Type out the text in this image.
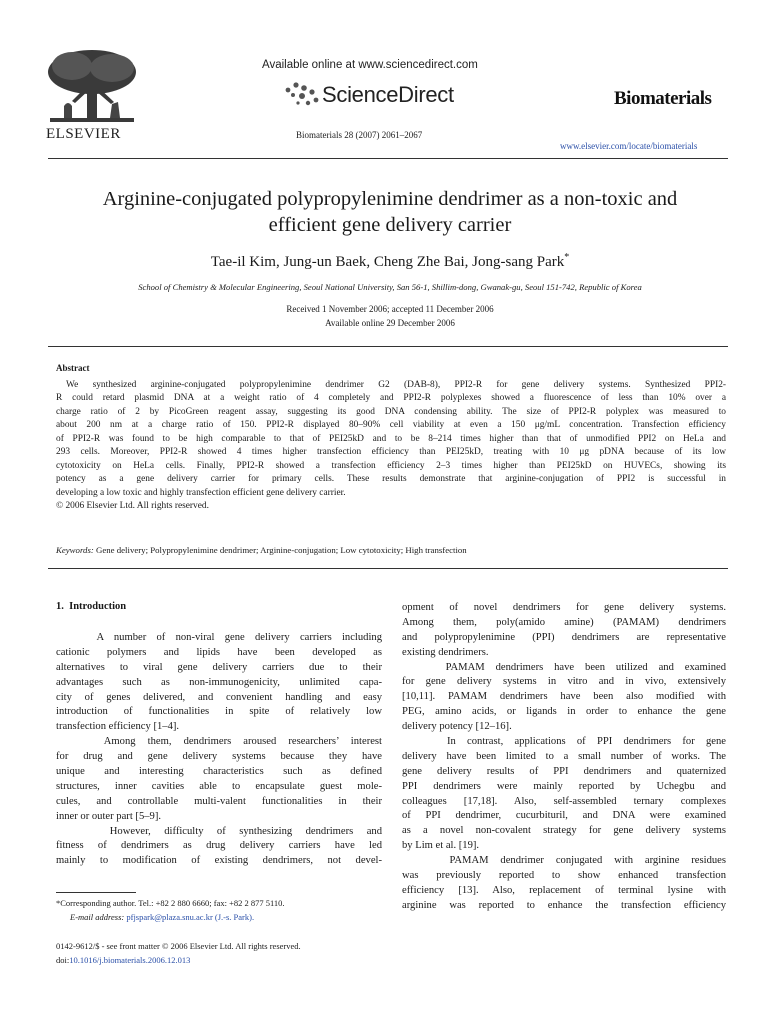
ELSEVIER
Available online at www.sciencedirect.com
ScienceDirect
Biomaterials 28 (2007) 2061–2067
Biomaterials
www.elsevier.com/locate/biomaterials
Arginine-conjugated polypropylenimine dendrimer as a non-toxic and
efficient gene delivery carrier
Tae-il Kim, Jung-un Baek, Cheng Zhe Bai, Jong-sang Park*
School of Chemistry & Molecular Engineering, Seoul National University, San 56-1, Shillim-dong, Gwanak-gu, Seoul 151-742, Republic of Korea
Received 1 November 2006; accepted 11 December 2006
Available online 29 December 2006
Abstract
We synthesized arginine-conjugated polypropylenimine dendrimer G2 (DAB-8), PPI2-R for gene delivery systems. Synthesized PPI2-
R could retard plasmid DNA at a weight ratio of 4 completely and PPI2-R polyplexes showed a fluorescence of less than 10% over a
charge ratio of 2 by PicoGreen reagent assay, suggesting its good DNA condensing ability. The size of PPI2-R polyplex was measured to
about 200 nm at a charge ratio of 150. PPI2-R displayed 80–90% cell viability at even a 150 μg/mL concentration. Transfection efficiency
of PPI2-R was found to be high comparable to that of PEI25kD and to be 8–214 times higher than that of unmodified PPI2 on HeLa and
293 cells. Moreover, PPI2-R showed 4 times higher transfection efficiency than PEI25kD, treating with 10 μg pDNA because of its low
cytotoxicity on HeLa cells. Finally, PPI2-R showed a transfection efficiency 2–3 times higher than PEI25kD on HUVECs, showing its
potency as a gene delivery carrier for primary cells. These results demonstrate that arginine-conjugation of PPI2 is successful in
developing a low toxic and highly transfection efficient gene delivery carrier.
© 2006 Elsevier Ltd. All rights reserved.
Keywords: Gene delivery; Polypropylenimine dendrimer; Arginine-conjugation; Low cytotoxicity; High transfection
1.  Introduction
A number of non-viral gene delivery carriers including
cationic polymers and lipids have been developed as
alternatives to viral gene delivery carriers due to their
advantages such as non-immunogenicity, unlimited capa-
city of genes delivered, and convenient handling and easy
introduction of functionalities in spite of relatively low
transfection efficiency [1–4].
Among them, dendrimers aroused researchers’ interest
for drug and gene delivery systems because they have
unique and interesting characteristics such as defined
structures, inner cavities able to encapsulate guest mole-
cules, and controllable multi-valent functionalities in their
inner or outer part [5–9].
However, difficulty of synthesizing dendrimers and
fitness of dendrimers as drug delivery carriers have led
mainly to modification of existing dendrimers, not devel-
opment of novel dendrimers for gene delivery systems.
Among them, poly(amido amine) (PAMAM) dendrimers
and polypropylenimine (PPI) dendrimers are representative
existing dendrimers.
PAMAM dendrimers have been utilized and examined
for gene delivery systems in vitro and in vivo, extensively
[10,11]. PAMAM dendrimers have been also modified with
PEG, amino acids, or ligands in order to enhance the gene
delivery potency [12–16].
In contrast, applications of PPI dendrimers for gene
delivery have been limited to a small number of works. The
gene delivery results of PPI dendrimers and quaternized
PPI dendrimers were mainly reported by Uchegbu and
colleagues [17,18]. Also, self-assembled ternary complexes
of PPI dendrimer, cucurbituril, and DNA were examined
as a novel non-covalent strategy for gene delivery systems
by Lim et al. [19].
PAMAM dendrimer conjugated with arginine residues
was previously reported to show enhanced transfection
efficiency [13]. Also, replacement of terminal lysine with
arginine was reported to enhance the transfection efficiency
*Corresponding author. Tel.: +82 2 880 6660; fax: +82 2 877 5110.
E-mail address: pfjspark@plaza.snu.ac.kr (J.-s. Park).
0142-9612/$ - see front matter © 2006 Elsevier Ltd. All rights reserved.
doi:10.1016/j.biomaterials.2006.12.013
